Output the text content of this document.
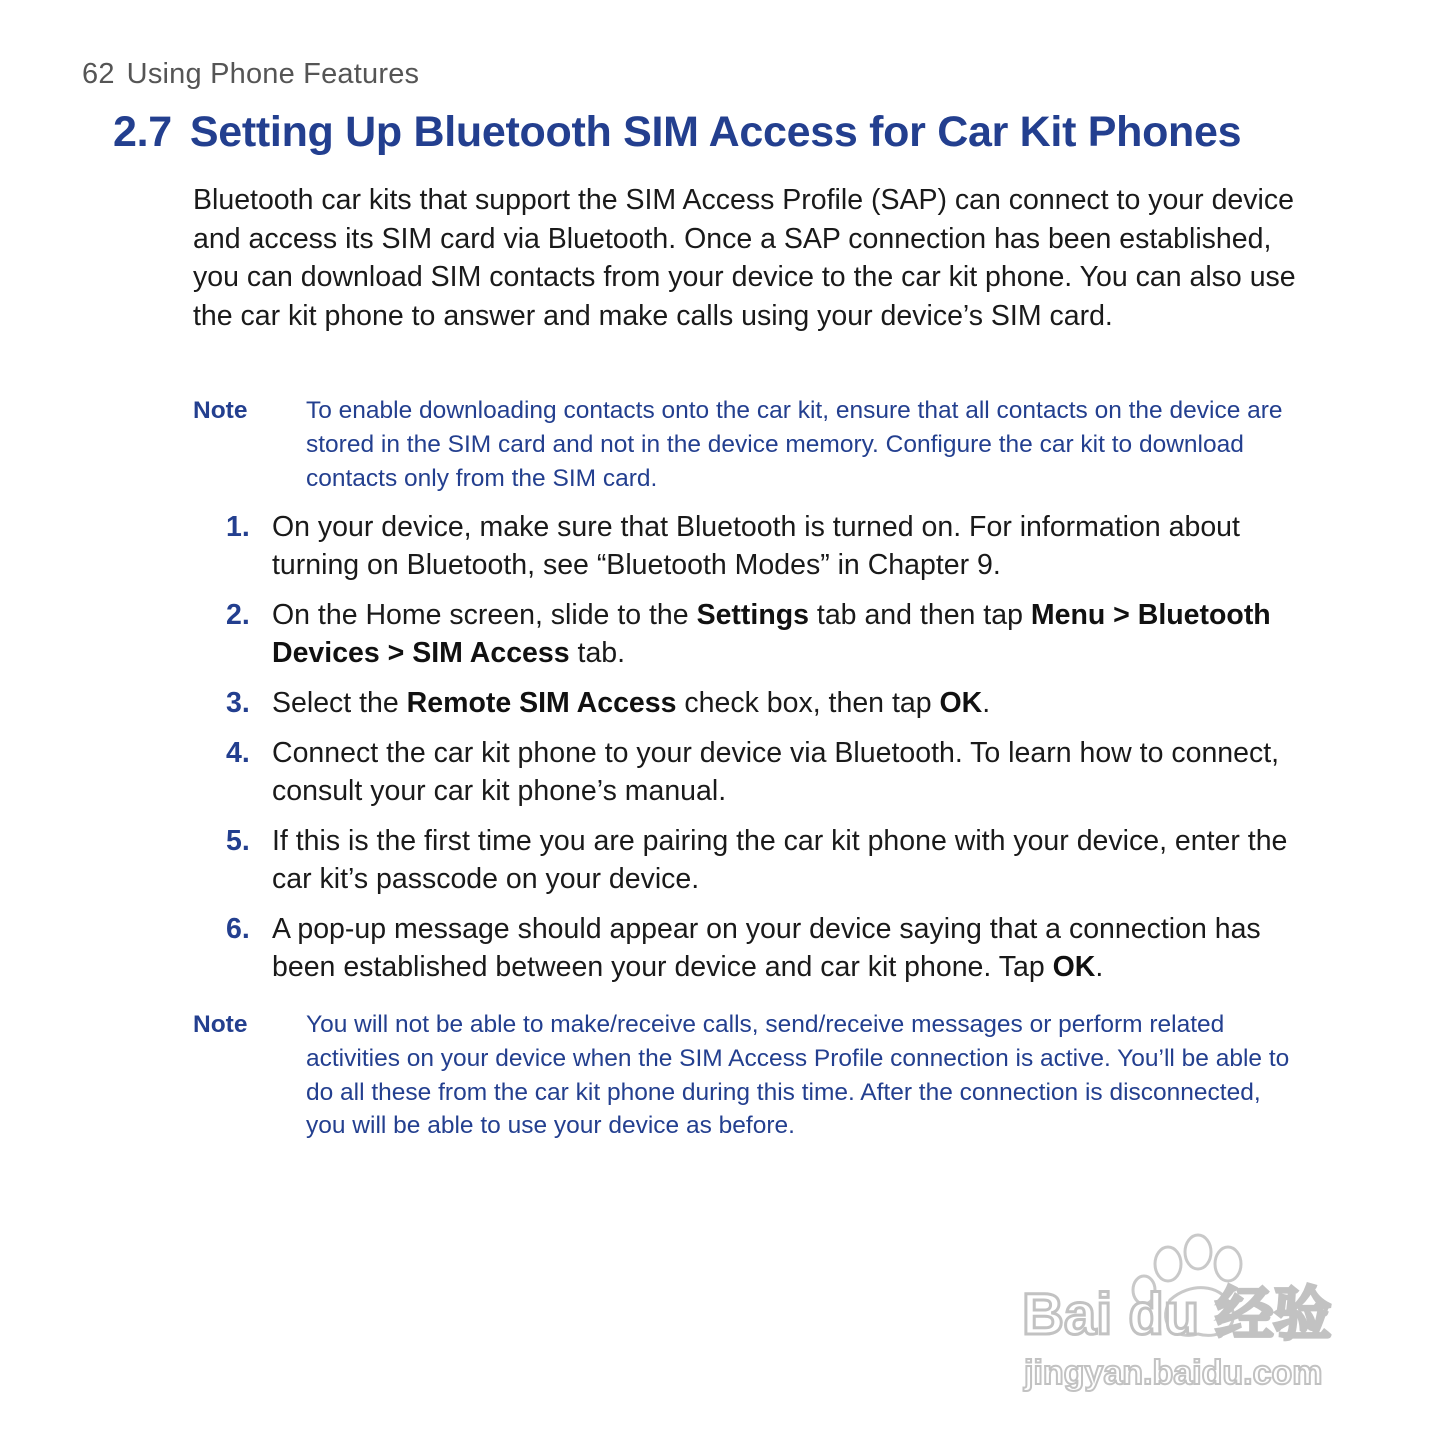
62 Using Phone Features
2.7 Setting Up Bluetooth SIM Access for Car Kit Phones

Bluetooth car kits that support the SIM Access Profile (SAP) can connect to your device and access its SIM card via Bluetooth. Once a SAP connection has been established, you can download SIM contacts from your device to the car kit phone. You can also use the car kit phone to answer and make calls using your device’s SIM card.

Note	To enable downloading contacts onto the car kit, ensure that all contacts on the device are stored in the SIM card and not in the device memory. Configure the car kit to download contacts only from the SIM card.
1. On your device, make sure that Bluetooth is turned on. For information about turning on Bluetooth, see “Bluetooth Modes” in Chapter 9.
2. On the Home screen, slide to the Settings tab and then tap Menu > Bluetooth Devices > SIM Access tab.
3. Select the Remote SIM Access check box, then tap OK.
4. Connect the car kit phone to your device via Bluetooth. To learn how to connect, consult your car kit phone’s manual.
5. If this is the first time you are pairing the car kit phone with your device, enter the car kit’s passcode on your device.
6. A pop-up message should appear on your device saying that a connection has been established between your device and car kit phone. Tap OK.
Note	You will not be able to make/receive calls, send/receive messages or perform related activities on your device when the SIM Access Profile connection is active. You’ll be able to do all these from the car kit phone during this time. After the connection is disconnected, you will be able to use your device as before.
Bai du 经验
jingyan.baidu.com
